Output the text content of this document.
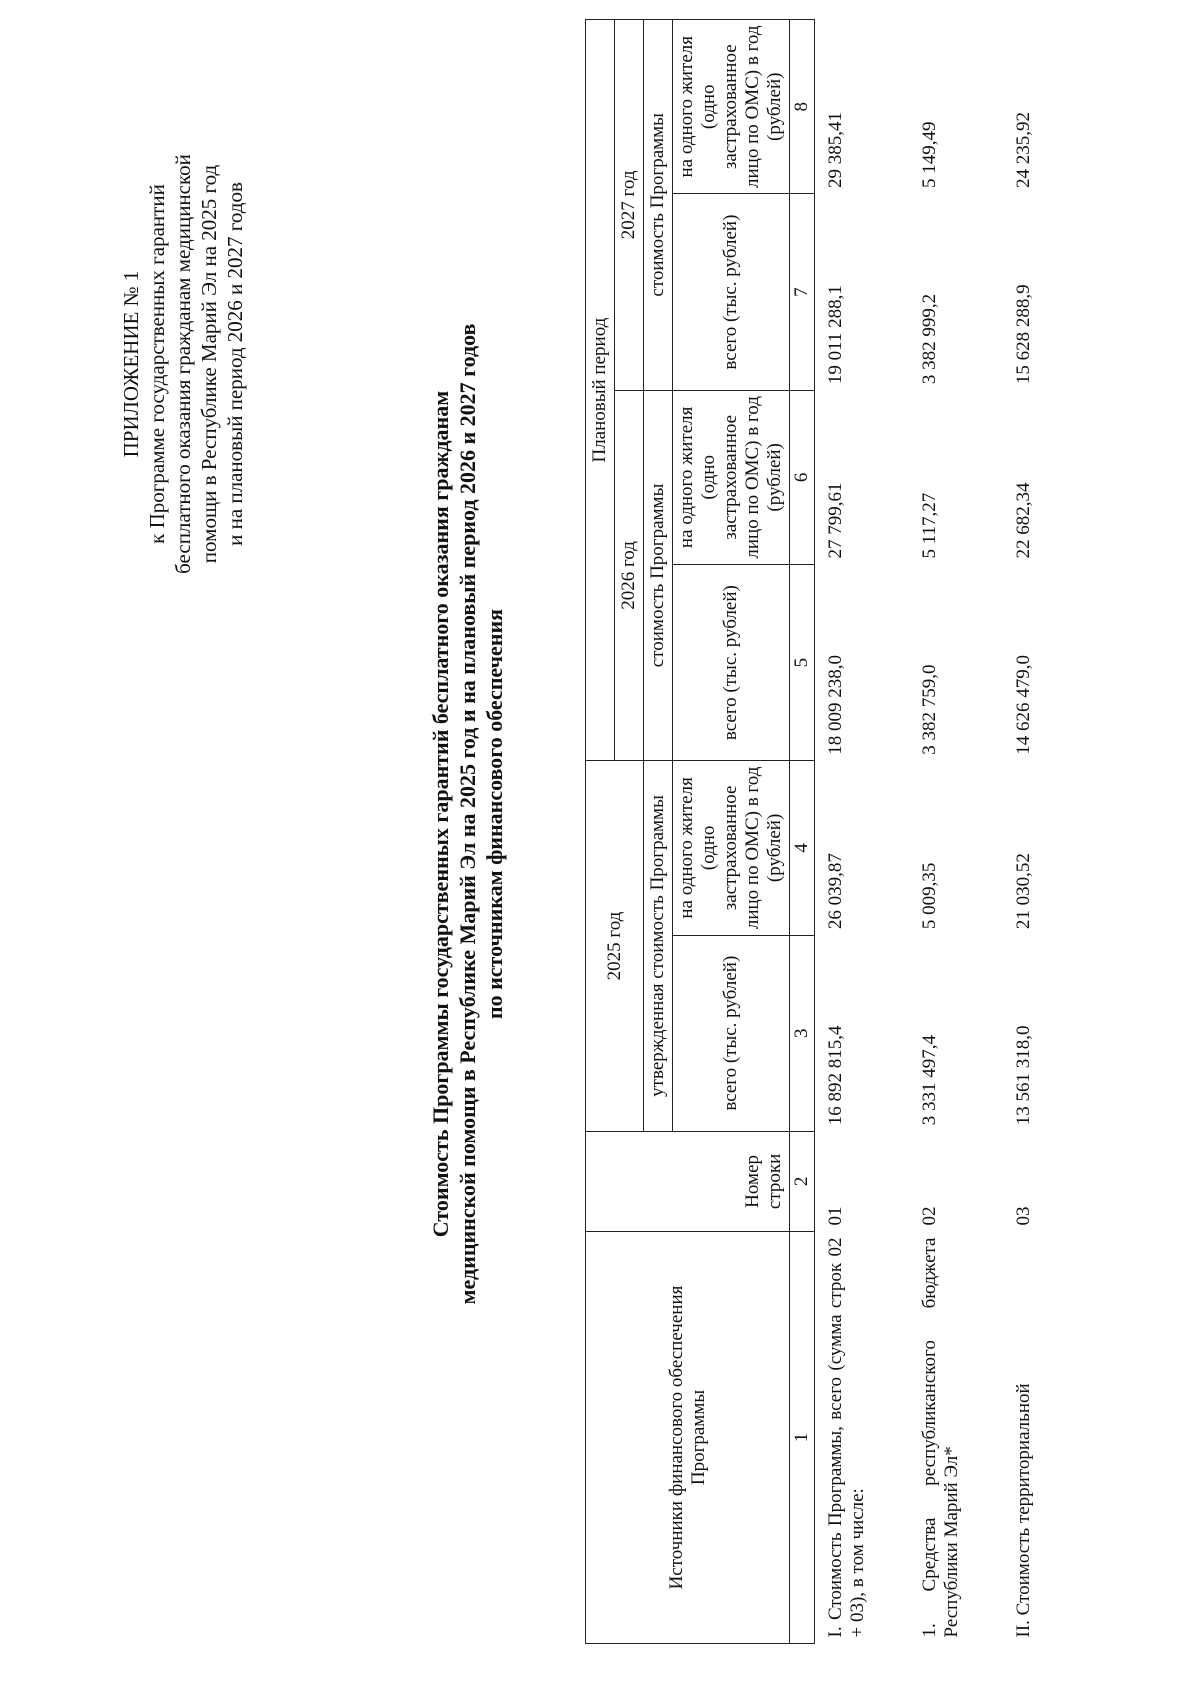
ПРИЛОЖЕНИЕ № 1 к Программе государственных гарантий бесплатного оказания гражданам медицинской помощи в Республике Марий Эл на 2025 год и на плановый период 2026 и 2027 годов
Стоимость Программы государственных гарантий бесплатного оказания гражданам медицинской помощи в Республике Марий Эл на 2025 год и на плановый период 2026 и 2027 годов по источникам финансового обеспечения
Источники финансового обеспечения Программы	Номер строки	2025 год		Плановый период			
				2026 год		2027 год	
		утвержденная стоимость Программы		стоимость Программы		стоимость Программы	
		всего (тыс. рублей)	на одного жителя (одно застрахованное лицо по ОМС) в год (рублей)	всего (тыс. рублей)	на одного жителя (одно застрахованное лицо по ОМС) в год (рублей)	всего (тыс. рублей)	на одного жителя (одно застрахованное лицо по ОМС) в год (рублей)
1	2	3	4	5	6	7	8
I. Стоимость Программы, всего (сумма строк 02 + 03), в том числе:	01	16 892 815,4	26 039,87	18 009 238,0	27 799,61	19 011 288,1	29 385,41
1. Средства республиканского бюджета Республики Марий Эл*	02	3 331 497,4	5 009,35	3 382 759,0	5 117,27	3 382 999,2	5 149,49
II. Стоимость территориальной	03	13 561 318,0	21 030,52	14 626 479,0	22 682,34	15 628 288,9	24 235,92
